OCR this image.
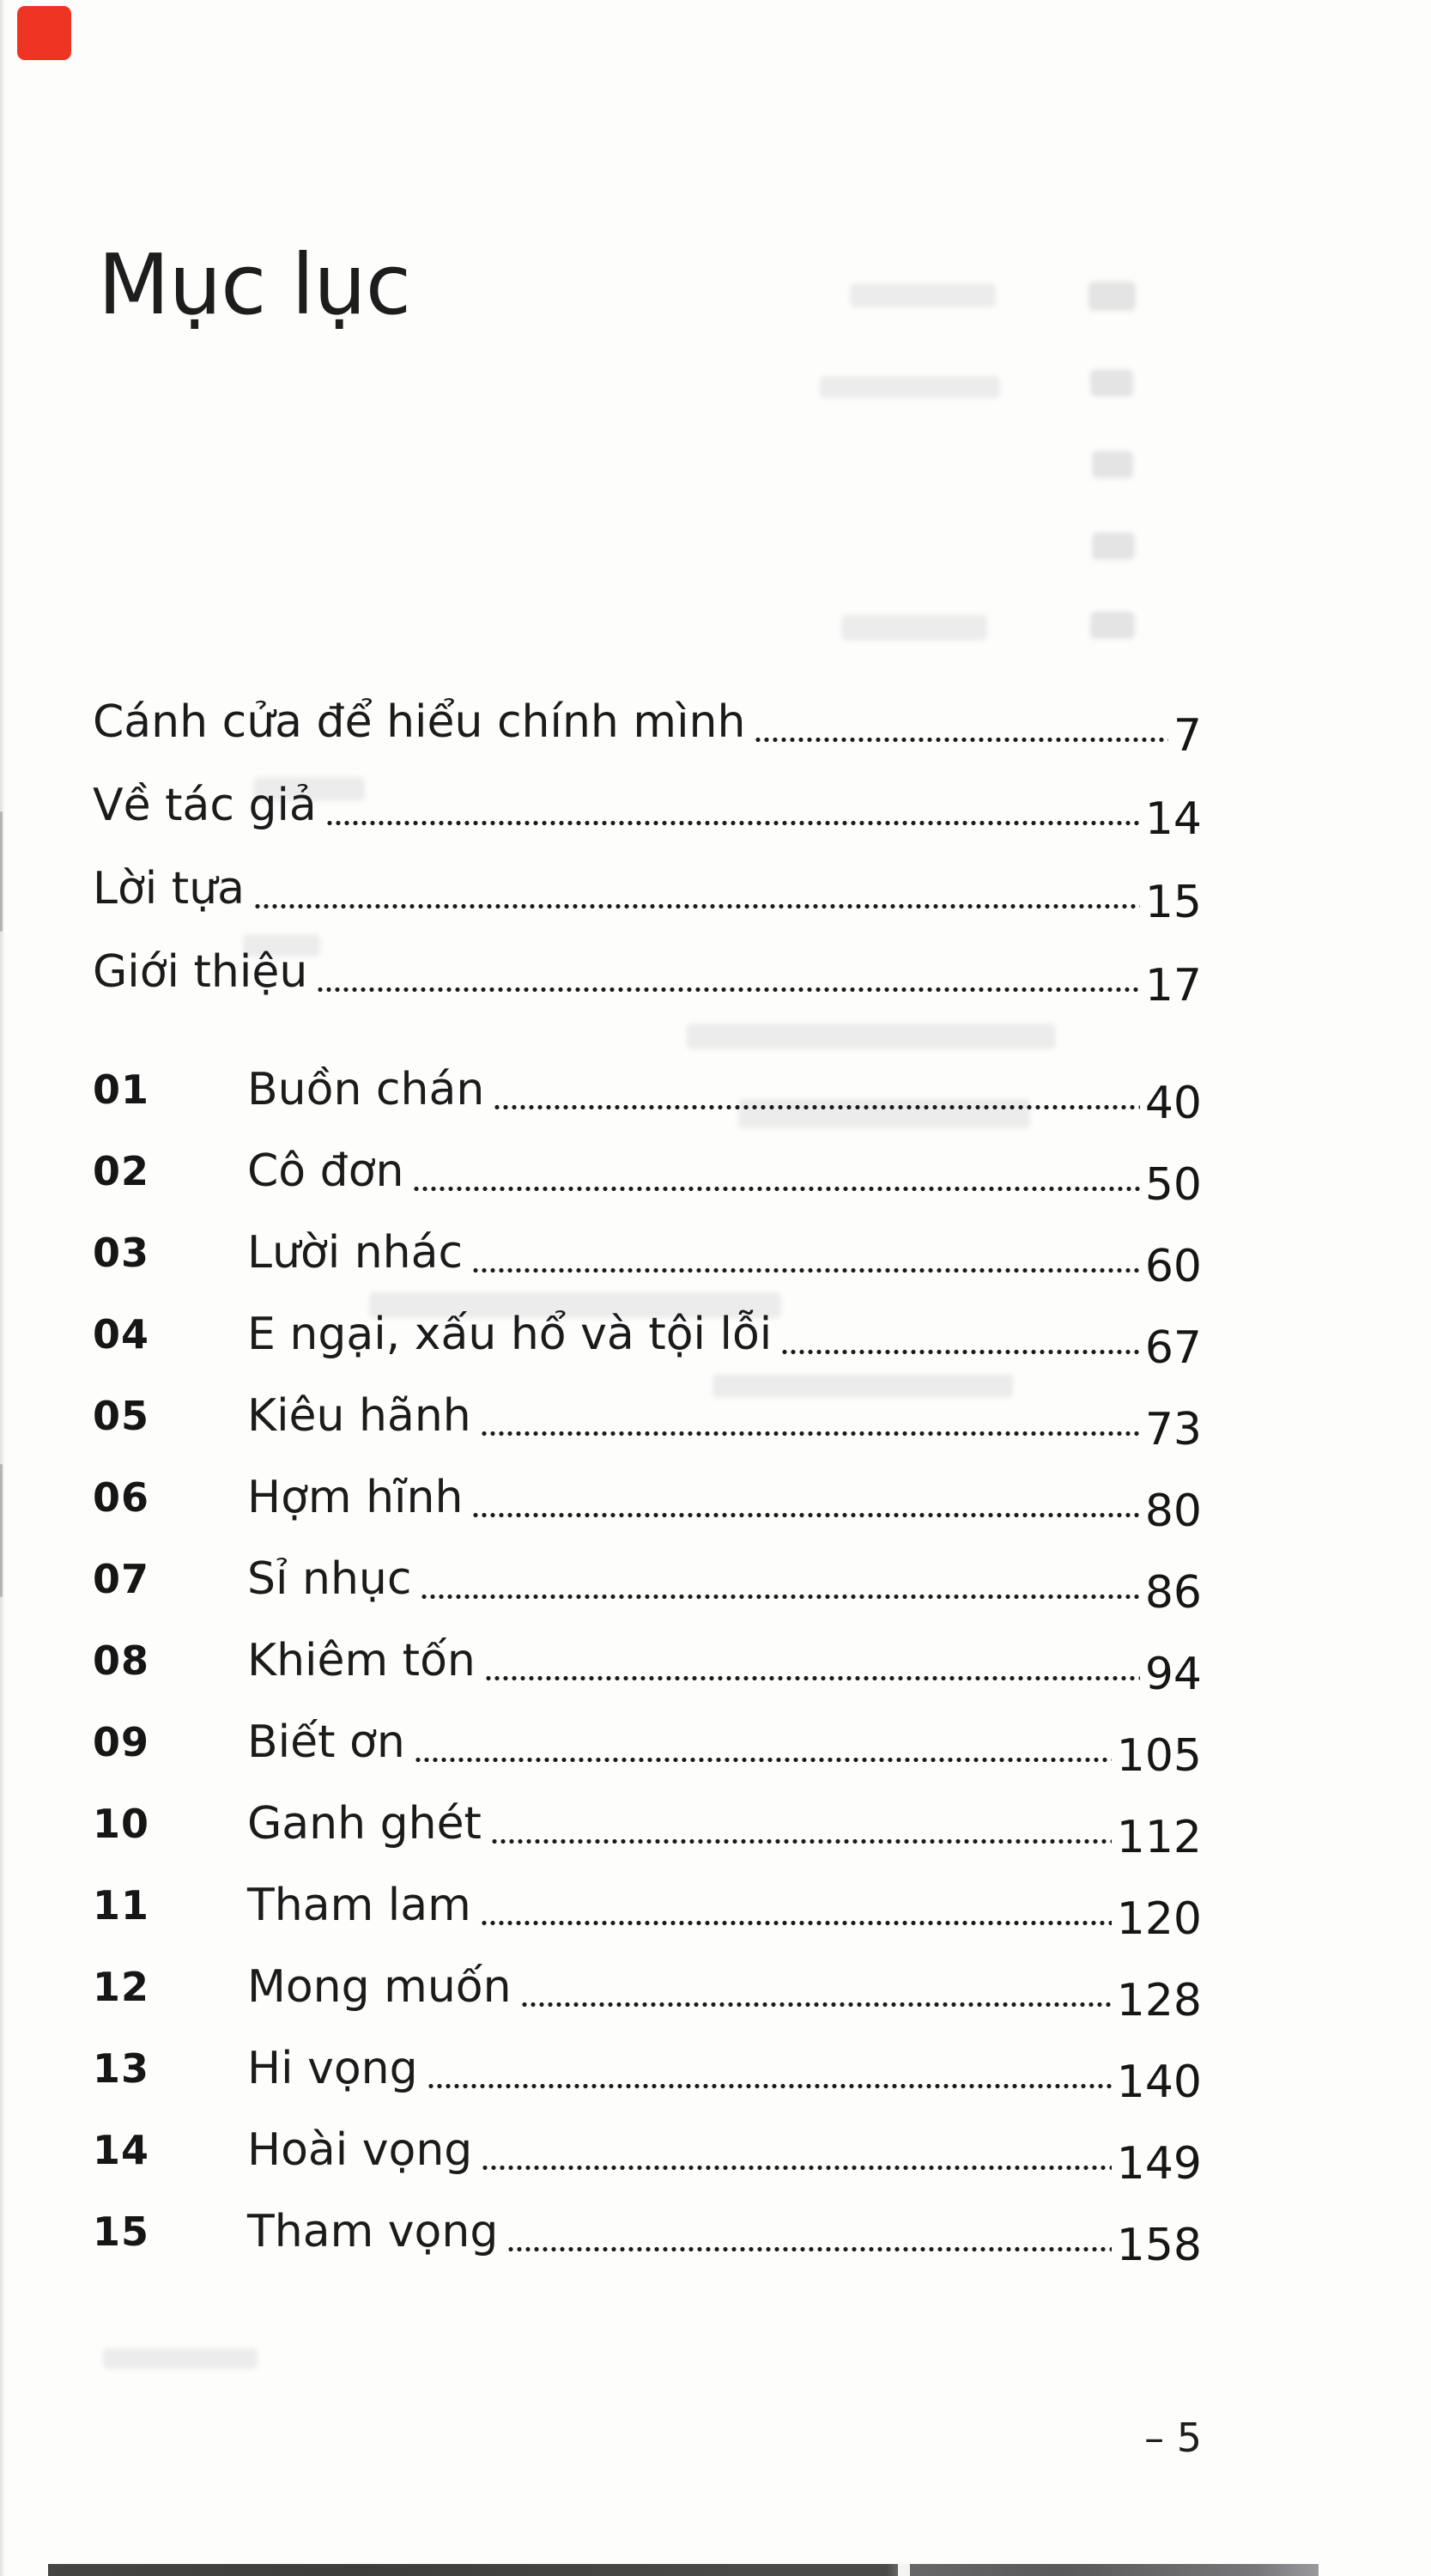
Mục lục
Cánh cửa để hiểu chính mình	7
Về tác giả	14
Lời tựa	15
Giới thiệu	17
01	Buồn chán	40
02	Cô đơn	50
03	Lười nhác	60
04	E ngại, xấu hổ và tội lỗi	67
05	Kiêu hãnh	73
06	Hợm hĩnh	80
07	Sỉ nhục	86
08	Khiêm tốn	94
09	Biết ơn	105
10	Ganh ghét	112
11	Tham lam	120
12	Mong muốn	128
13	Hi vọng	140
14	Hoài vọng	149
15	Tham vọng	158
– 5
